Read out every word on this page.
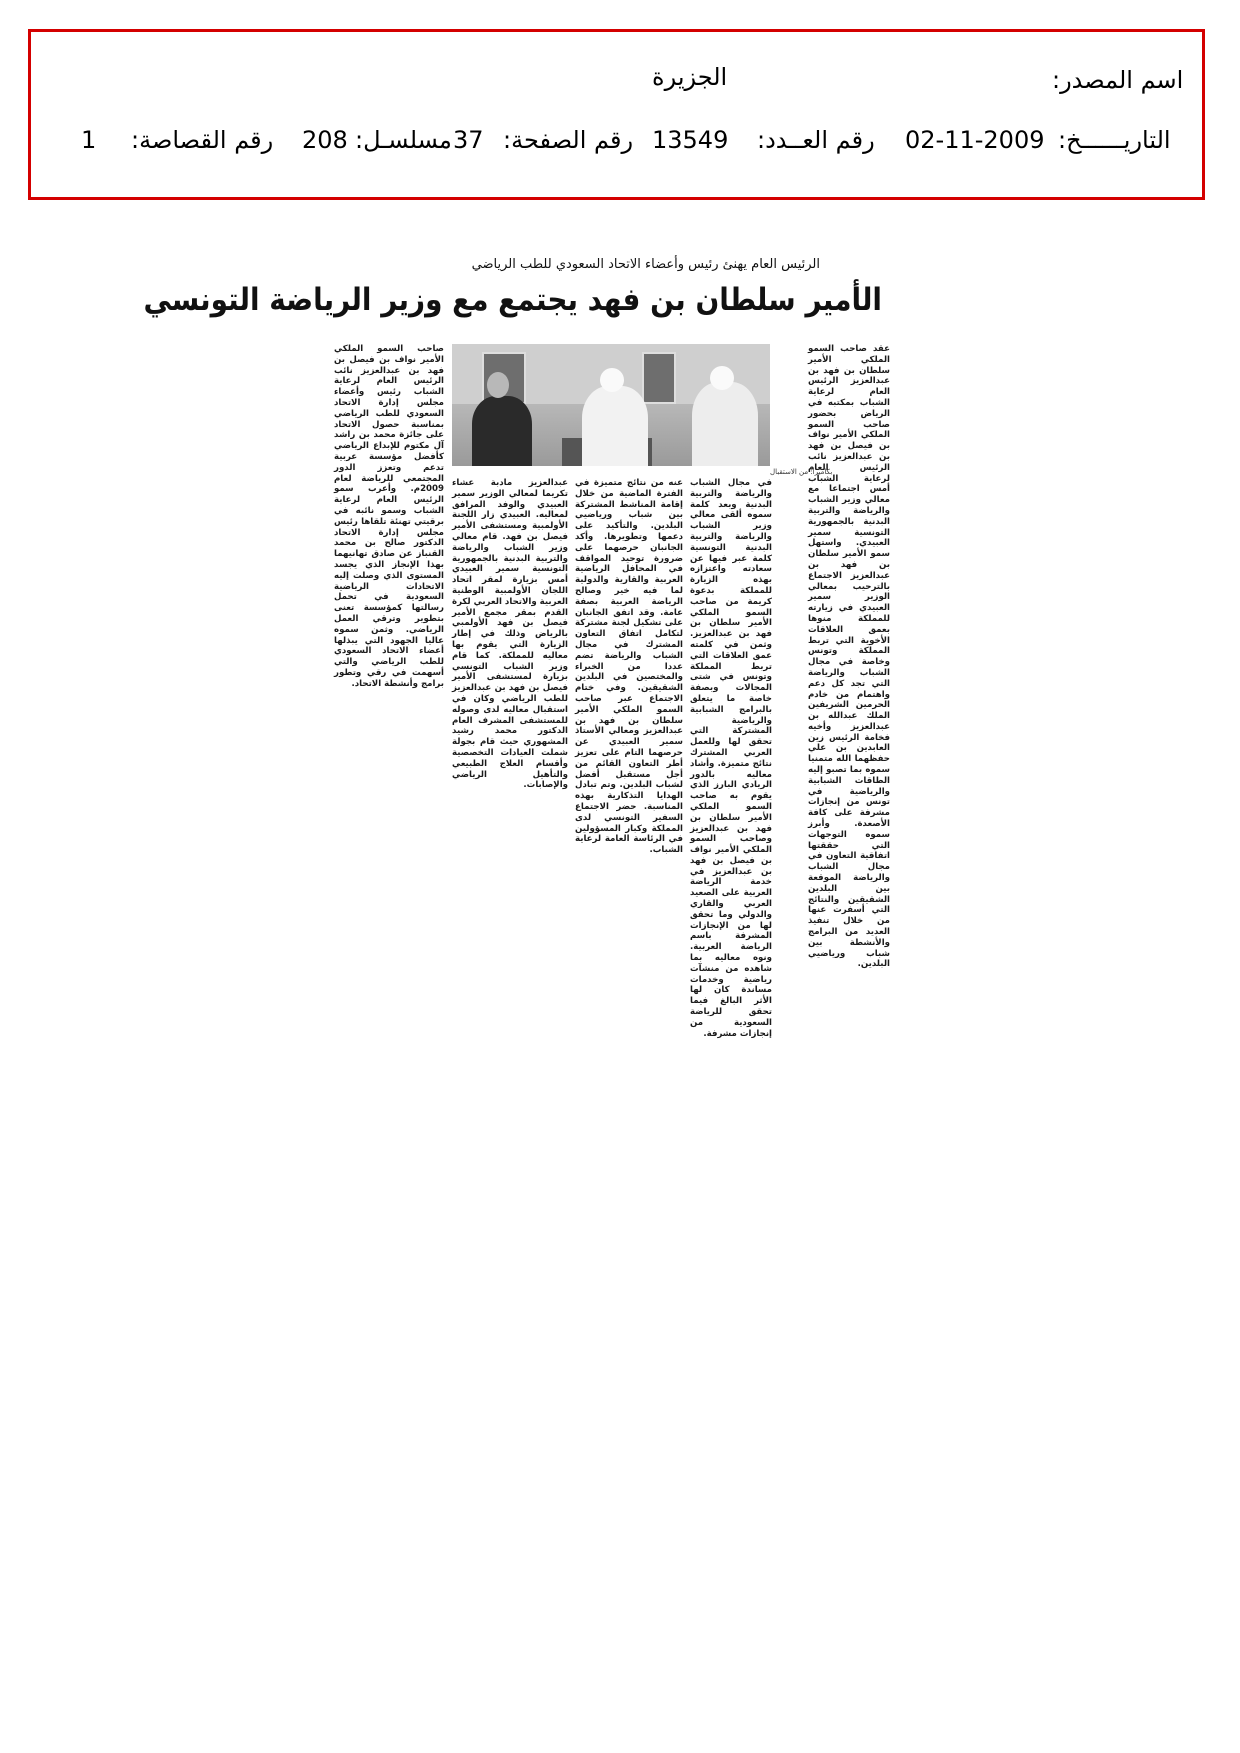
اسم المصدر:
الجزيرة
التاريــــــخ:
02-11-2009
رقم العــدد:
13549
رقم الصفحة:
37
مسلسـل:
208
رقم القصاصة:
1
الرئيس العام يهنئ رئيس وأعضاء الاتحاد السعودي للطب الرياضي
الأمير سلطان بن فهد يجتمع مع وزير الرياضة التونسي
بكاميرا: من الاستقبال
عقد صاحب السمو الملكي الأمير سلطان بن فهد بن عبدالعزيز الرئيس العام لرعاية الشباب بمكتبه في الرياض بحضور صاحب السمو الملكي الأمير نواف بن فيصل بن فهد بن عبدالعزيز نائب الرئيس العام لرعاية الشباب أمس اجتماعا مع معالي وزير الشباب والرياضة والتربية البدنية بالجمهورية التونسية سمير العبيدي. واستهل سمو الأمير سلطان بن فهد بن عبدالعزيز الاجتماع بالترحيب بمعالي الوزير سمير العبيدي في زيارته للمملكة منوها بعمق العلاقات الأخوية التي تربط المملكة وتونس وخاصة في مجال الشباب والرياضة التي تجد كل دعم واهتمام من خادم الحرمين الشريفين الملك عبدالله بن عبدالعزيز وأخيه فخامة الرئيس زين العابدين بن علي حفظهما الله متمنيا سموه بما تصبو إليه الطاقات الشبابية والرياضية في تونس من إنجازات مشرفة على كافة الأصعدة. وأبرز سموه التوجهات التي حققتها اتفاقية التعاون في مجال الشباب والرياضة الموقعة بين البلدين الشقيقين والنتائج التي أسفرت عنها من خلال تنفيذ العديد من البرامج والأنشطة بين شباب ورياضيي البلدين.
في مجال الشباب والرياضة والتربية البدنية وبعد كلمة سموه ألقى معالي وزير الشباب والرياضة والتربية البدنية التونسية كلمة عبر فيها عن سعادته واعتزازه بهذه الزيارة للمملكة بدعوة كريمة من صاحب السمو الملكي الأمير سلطان بن فهد بن عبدالعزيز. وثمن في كلمته عمق العلاقات التي تربط المملكة وتونس في شتى المجالات وبصفة خاصة ما يتعلق بالبرامج الشبابية والرياضية المشتركة التي تحقق لها وللعمل العربي المشترك نتائج متميزة. وأشاد معاليه بالدور الريادي البارز الذي يقوم به صاحب السمو الملكي الأمير سلطان بن فهد بن عبدالعزيز وصاحب السمو الملكي الأمير نواف بن فيصل بن فهد بن عبدالعزيز في خدمة الرياضة العربية على الصعيد العربي والقاري والدولي وما تحقق لها من الإنجازات المشرفة باسم الرياضة العربية. ونوه معاليه بما شاهده من منشآت رياضية وخدمات مساندة كان لها الأثر البالغ فيما تحقق للرياضة السعودية من إنجازات مشرفة.
عنه من نتائج متميزة في الفترة الماضية من خلال إقامة المناشط المشتركة بين شباب ورياضيي البلدين. والتأكيد على دعمها وتطويرها. وأكد الجانبان حرصهما على ضرورة توحيد المواقف في المحافل الرياضية العربية والقارية والدولية لما فيه خير وصالح الرياضة العربية بصفة عامة. وقد اتفق الجانبان على تشكيل لجنة مشتركة لتكامل اتفاق التعاون المشترك في مجال الشباب والرياضة تضم عددا من الخبراء والمختصين في البلدين الشقيقين. وفي ختام الاجتماع عبر صاحب السمو الملكي الأمير سلطان بن فهد بن عبدالعزيز ومعالي الأستاذ سمير العبيدي عن حرصهما التام على تعزيز أطر التعاون القائم من أجل مستقبل أفضل لشباب البلدين. وتم تبادل الهدايا التذكارية بهذه المناسبة. حضر الاجتماع السفير التونسي لدى المملكة وكبار المسؤولين في الرئاسة العامة لرعاية الشباب.
عبدالعزيز مادبة عشاء تكريما لمعالي الوزير سمير العبيدي والوفد المرافق لمعاليه. العبيدي زار اللجنة الأولمبية ومستشفى الأمير فيصل بن فهد. قام معالي وزير الشباب والرياضة والتربية البدنية بالجمهورية التونسية سمير العبيدي أمس بزيارة لمقر اتحاد اللجان الأولمبية الوطنية العربية والاتحاد العربي لكرة القدم بمقر مجمع الأمير فيصل بن فهد الأولمبي بالرياض وذلك في إطار الزيارة التي يقوم بها معاليه للمملكة. كما قام وزير الشباب التونسي بزيارة لمستشفى الأمير فيصل بن فهد بن عبدالعزيز للطب الرياضي وكان في استقبال معاليه لدى وصوله للمستشفى المشرف العام الدكتور محمد رشيد المشهوري حيث قام بجولة شملت العيادات التخصصية وأقسام العلاج الطبيعي والتأهيل الرياضي والإصابات.
صاحب السمو الملكي الأمير نواف بن فيصل بن فهد بن عبدالعزيز نائب الرئيس العام لرعاية الشباب رئيس وأعضاء مجلس إدارة الاتحاد السعودي للطب الرياضي بمناسبة حصول الاتحاد على جائزة محمد بن راشد آل مكتوم للإبداع الرياضي كأفضل مؤسسة عربية تدعم وتعزز الدور المجتمعي للرياضة لعام 2009م. وأعرب سمو الرئيس العام لرعاية الشباب وسمو نائبه في برقيتي تهنئة تلقاها رئيس مجلس إدارة الاتحاد الدكتور صالح بن محمد القنباز عن صادق تهانيهما بهذا الإنجاز الذي يجسد المستوى الذي وصلت إليه الاتحادات الرياضية السعودية في تحمل رسالتها كمؤسسة تعنى بتطوير وترقي العمل الرياضي. وثمن سموه عاليا الجهود التي يبذلها أعضاء الاتحاد السعودي للطب الرياضي والتي أسهمت في رقي وتطور برامج وأنشطة الاتحاد.
